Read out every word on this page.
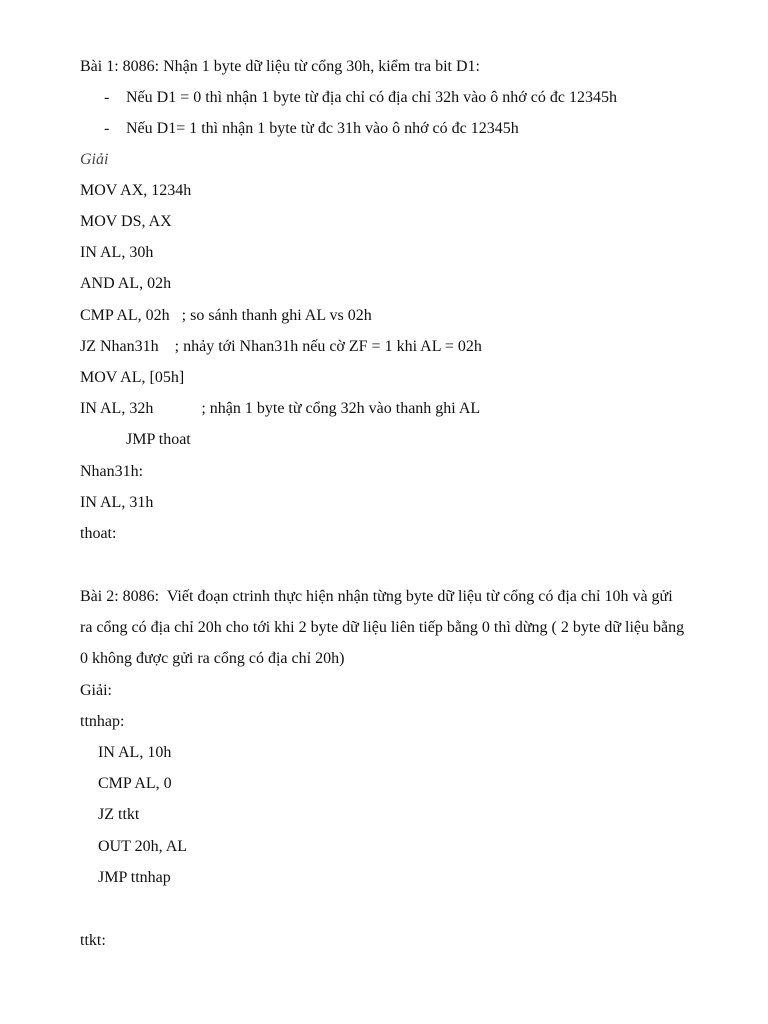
Bài 1: 8086: Nhận 1 byte dữ liệu từ cổng 30h, kiểm tra bit D1:
- Nếu D1 = 0 thì nhận 1 byte từ địa chỉ có địa chỉ 32h vào ô nhớ có đc 12345h
- Nếu D1= 1 thì nhận 1 byte từ đc 31h vào ô nhớ có đc 12345h
Giải
MOV AX, 1234h
MOV DS, AX
IN AL, 30h
AND AL, 02h
CMP AL, 02h   ; so sánh thanh ghi AL vs 02h
JZ Nhan31h    ; nhảy tới Nhan31h nếu cờ ZF = 1 khi AL = 02h
MOV AL, [05h]
IN AL, 32h            ; nhận 1 byte từ cổng 32h vào thanh ghi AL
JMP thoat
Nhan31h:
IN AL, 31h
thoat:
Bài 2: 8086:  Viết đoạn ctrinh thực hiện nhận từng byte dữ liệu từ cổng có địa chỉ 10h và gửi
ra cổng có địa chỉ 20h cho tới khi 2 byte dữ liệu liên tiếp bằng 0 thì dừng ( 2 byte dữ liệu bằng
0 không được gửi ra cổng có địa chỉ 20h)
Giải:
ttnhap:
IN AL, 10h
CMP AL, 0
JZ ttkt
OUT 20h, AL
JMP ttnhap
ttkt:
